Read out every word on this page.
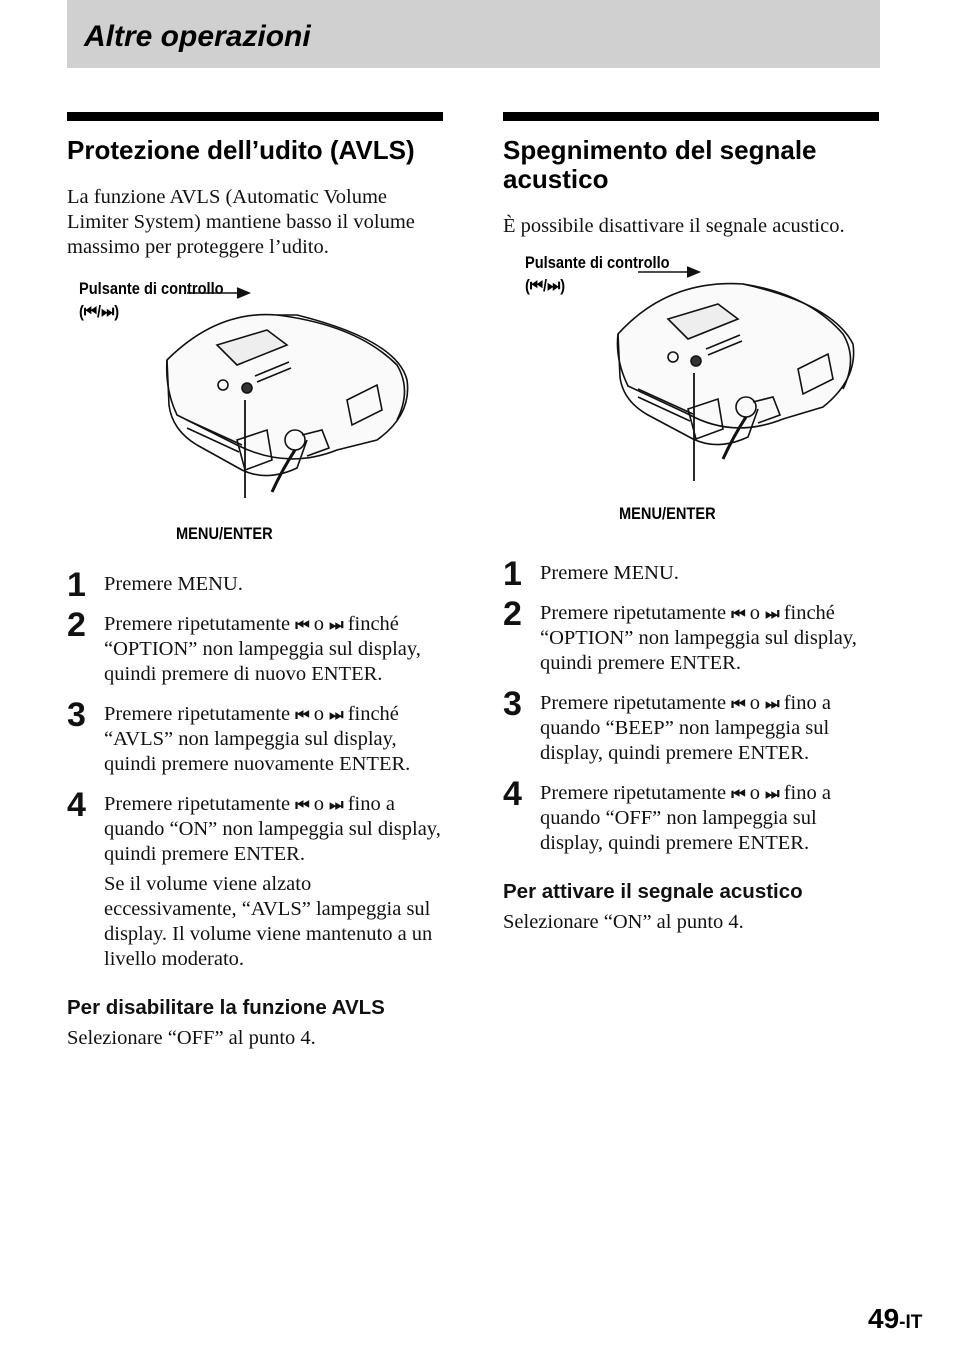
Altre operazioni
Protezione dell’udito (AVLS)

La funzione AVLS (Automatic Volume Limiter System) mantiene basso il volume massimo per proteggere l’udito.

Pulsante di controllo
(⏮/⏭)
MENU/ENTER
1 Premere MENU.

2 Premere ripetutamente ⏮ o ⏭ finché “OPTION” non lampeggia sul display, quindi premere di nuovo ENTER.

3 Premere ripetutamente ⏮ o ⏭ finché “AVLS” non lampeggia sul display, quindi premere nuovamente ENTER.

4 Premere ripetutamente ⏮ o ⏭ fino a quando “ON” non lampeggia sul display, quindi premere ENTER.

Se il volume viene alzato eccessivamente, “AVLS” lampeggia sul display. Il volume viene mantenuto a un livello moderato.

Per disabilitare la funzione AVLS

Selezionare “OFF” al punto 4.

Spegnimento del segnale acustico

È possibile disattivare il segnale acustico.

Pulsante di controllo
(⏮/⏭)
MENU/ENTER
1 Premere MENU.

2 Premere ripetutamente ⏮ o ⏭ finché “OPTION” non lampeggia sul display, quindi premere ENTER.

3 Premere ripetutamente ⏮ o ⏭ fino a quando “BEEP” non lampeggia sul display, quindi premere ENTER.

4 Premere ripetutamente ⏮ o ⏭ fino a quando “OFF” non lampeggia sul display, quindi premere ENTER.

Per attivare il segnale acustico

Selezionare “ON” al punto 4.

49-IT
